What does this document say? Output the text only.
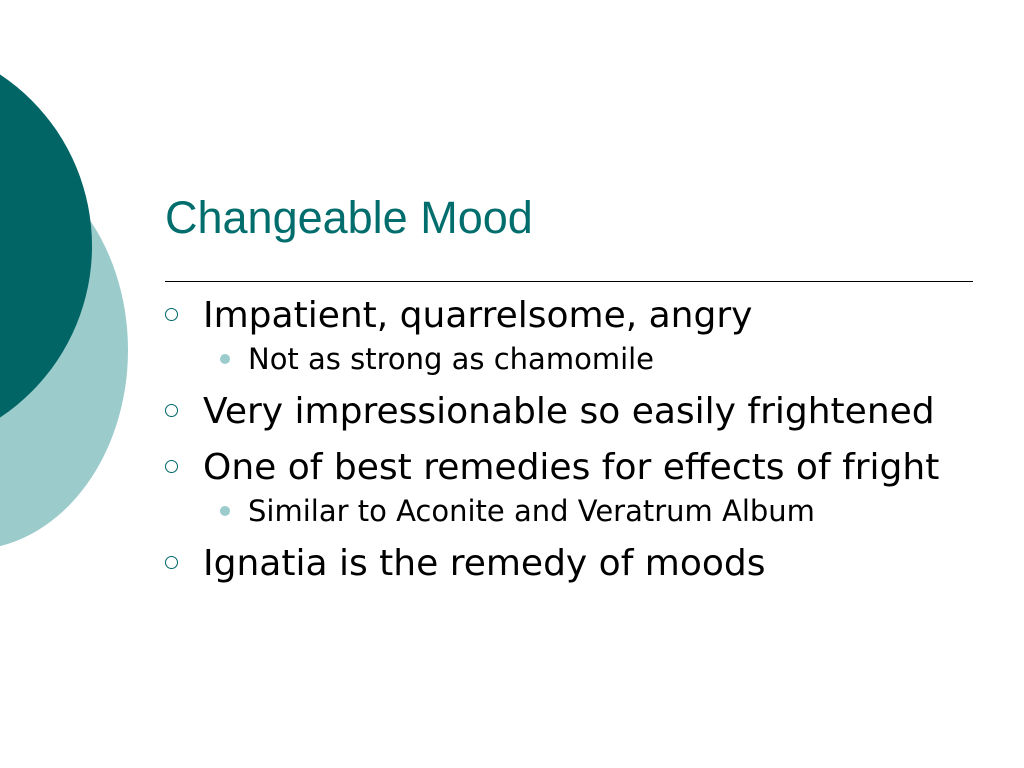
Changeable Mood
Impatient, quarrelsome, angry
Not as strong as chamomile
Very impressionable so easily frightened
One of best remedies for effects of fright
Similar to Aconite and Veratrum Album
Ignatia is the remedy of moods
